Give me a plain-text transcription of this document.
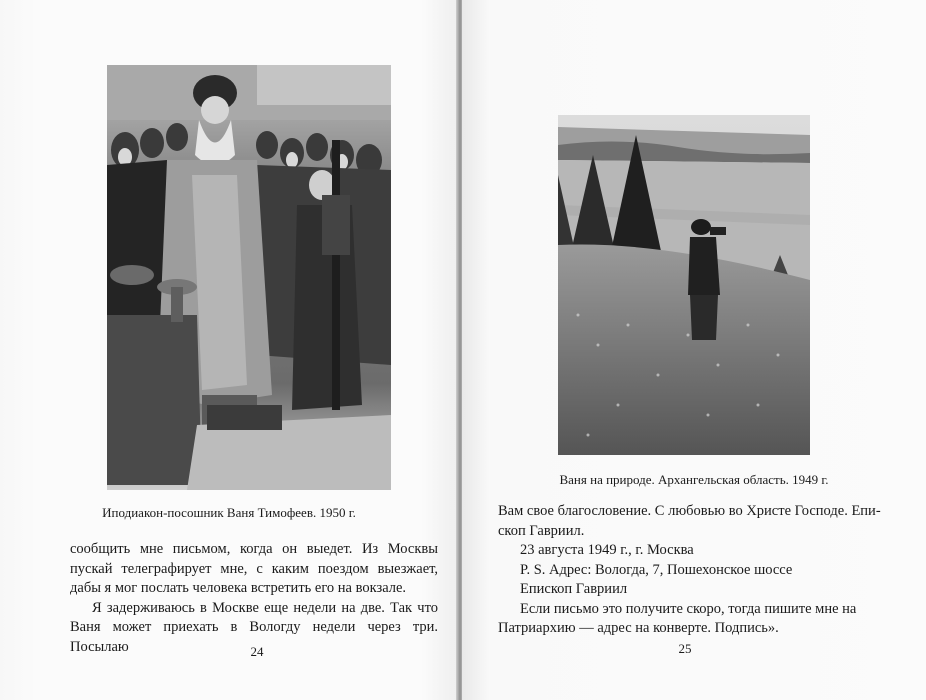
Иподиакон-посошник Ваня Тимофеев. 1950 г.

сообщить мне письмом, когда он выедет. Из Москвы пускай телеграфирует мне, с каким поездом выезжает, дабы я мог послать человека встретить его на вокзале.

Я задерживаюсь в Москве еще недели на две. Так что Ваня может приехать в Вологду недели через три. Посылаю	24
Ваня на природе. Архангельская область. 1949 г.

Вам свое благословение. С любовью во Христе Господе. Епи-

скоп Гавриил.

23 августа 1949 г., г. Москва

P. S. Адрес: Вологда, 7, Пошехонское шоссе

Епископ Гавриил

Если письмо это получите скоро, тогда пишите мне на

Патриархию — адрес на конверте. Подпись».

25
